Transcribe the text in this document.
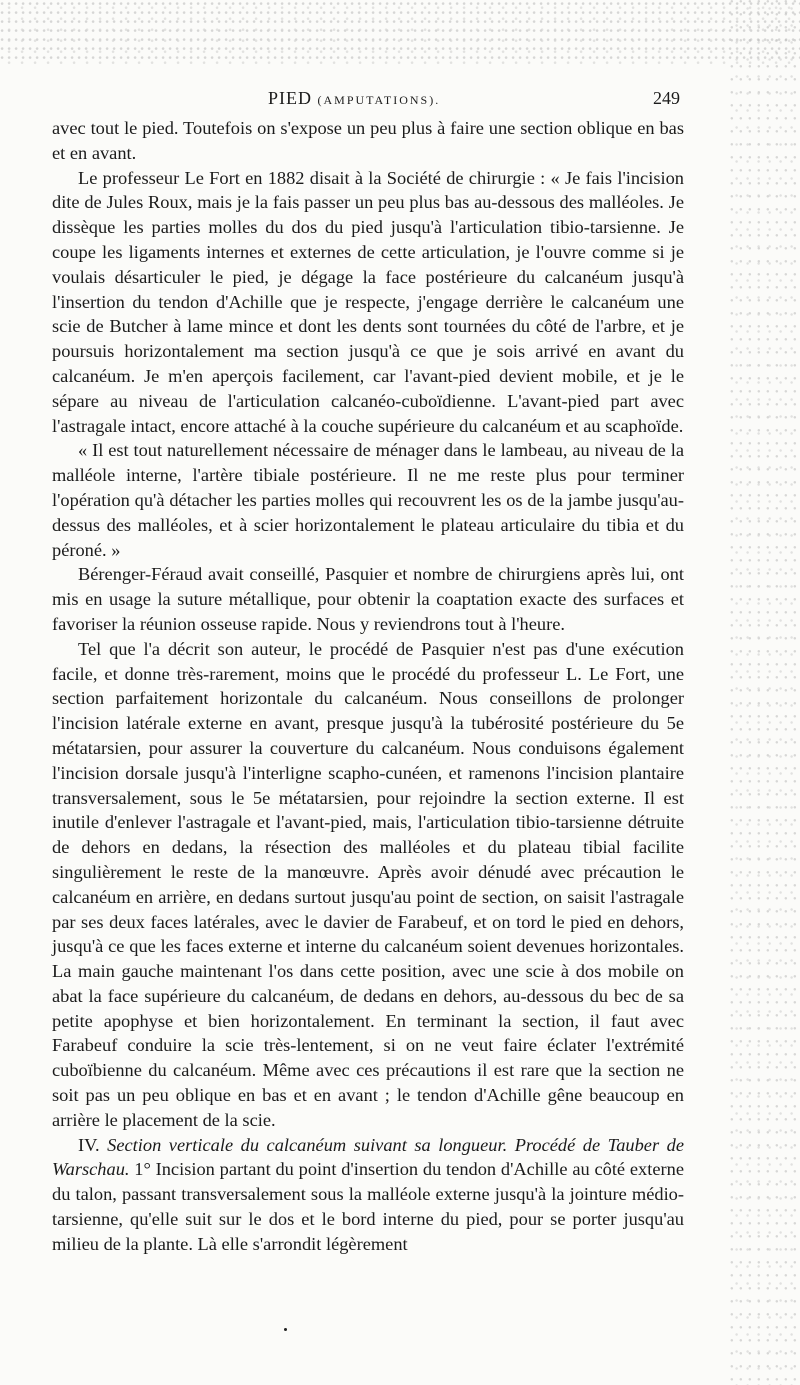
PIED (AMPUTATIONS).	249

avec tout le pied. Toutefois on s'expose un peu plus à faire une section oblique en bas et en avant.

Le professeur Le Fort en 1882 disait à la Société de chirurgie : « Je fais l'incision dite de Jules Roux, mais je la fais passer un peu plus bas au-dessous des malléoles. Je dissèque les parties molles du dos du pied jusqu'à l'articulation tibio-tarsienne. Je coupe les ligaments internes et externes de cette articulation, je l'ouvre comme si je voulais désarticuler le pied, je dégage la face postérieure du calcanéum jusqu'à l'insertion du tendon d'Achille que je respecte, j'engage derrière le calcanéum une scie de Butcher à lame mince et dont les dents sont tournées du côté de l'arbre, et je poursuis horizontalement ma section jusqu'à ce que je sois arrivé en avant du calcanéum. Je m'en aperçois facilement, car l'avant-pied devient mobile, et je le sépare au niveau de l'articulation calcanéo-cuboïdienne. L'avant-pied part avec l'astragale intact, encore attaché à la couche supérieure du calcanéum et au scaphoïde.

« Il est tout naturellement nécessaire de ménager dans le lambeau, au niveau de la malléole interne, l'artère tibiale postérieure. Il ne me reste plus pour terminer l'opération qu'à détacher les parties molles qui recouvrent les os de la jambe jusqu'au-dessus des malléoles, et à scier horizontalement le plateau articulaire du tibia et du péroné. »

Bérenger-Féraud avait conseillé, Pasquier et nombre de chirurgiens après lui, ont mis en usage la suture métallique, pour obtenir la coaptation exacte des surfaces et favoriser la réunion osseuse rapide. Nous y reviendrons tout à l'heure.

Tel que l'a décrit son auteur, le procédé de Pasquier n'est pas d'une exécution facile, et donne très-rarement, moins que le procédé du professeur L. Le Fort, une section parfaitement horizontale du calcanéum. Nous conseillons de prolonger l'incision latérale externe en avant, presque jusqu'à la tubérosité postérieure du 5e métatarsien, pour assurer la couverture du calcanéum. Nous conduisons également l'incision dorsale jusqu'à l'interligne scapho-cunéen, et ramenons l'incision plantaire transversalement, sous le 5e métatarsien, pour rejoindre la section externe. Il est inutile d'enlever l'astragale et l'avant-pied, mais, l'articulation tibio-tarsienne détruite de dehors en dedans, la résection des malléoles et du plateau tibial facilite singulièrement le reste de la manœuvre. Après avoir dénudé avec précaution le calcanéum en arrière, en dedans surtout jusqu'au point de section, on saisit l'astragale par ses deux faces latérales, avec le davier de Farabeuf, et on tord le pied en dehors, jusqu'à ce que les faces externe et interne du calcanéum soient devenues horizontales. La main gauche maintenant l'os dans cette position, avec une scie à dos mobile on abat la face supérieure du calcanéum, de dedans en dehors, au-dessous du bec de sa petite apophyse et bien horizontalement. En terminant la section, il faut avec Farabeuf conduire la scie très-lentement, si on ne veut faire éclater l'extrémité cuboïbienne du calcanéum. Même avec ces précautions il est rare que la section ne soit pas un peu oblique en bas et en avant ; le tendon d'Achille gêne beaucoup en arrière le placement de la scie.

IV. Section verticale du calcanéum suivant sa longueur. Procédé de Tauber de Warschau. 1° Incision partant du point d'insertion du tendon d'Achille au côté externe du talon, passant transversalement sous la malléole externe jusqu'à la jointure médio-tarsienne, qu'elle suit sur le dos et le bord interne du pied, pour se porter jusqu'au milieu de la plante. Là elle s'arrondit légèrement
